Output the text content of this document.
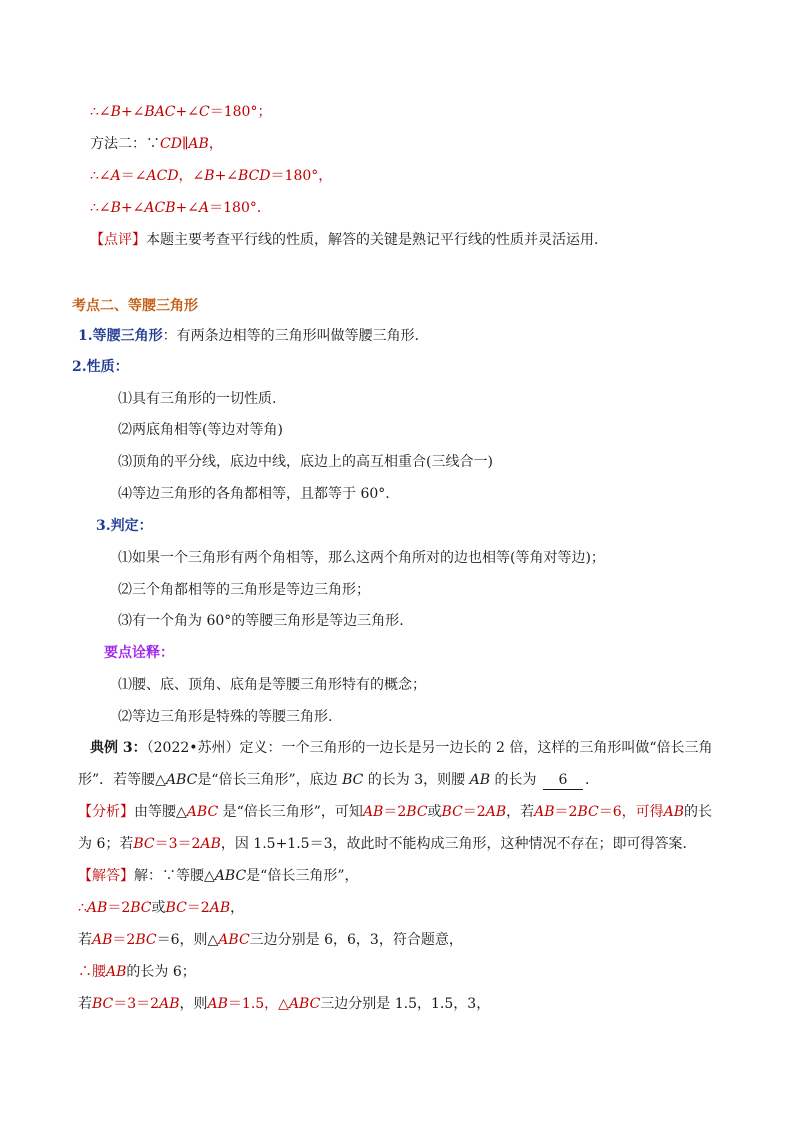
∴∠B+∠BAC+∠C＝180°；
方法二：∵CD∥AB，
∴∠A＝∠ACD，∠B+∠BCD＝180°，
∴∠B+∠ACB+∠A＝180°．
【点评】本题主要考查平行线的性质，解答的关键是熟记平行线的性质并灵活运用．
考点二、等腰三角形
1.等腰三角形：有两条边相等的三角形叫做等腰三角形.
2.性质：
⑴具有三角形的一切性质.
⑵两底角相等(等边对等角)
⑶顶角的平分线，底边中线，底边上的高互相重合(三线合一)
⑷等边三角形的各角都相等，且都等于 60°.
3.判定：
⑴如果一个三角形有两个角相等，那么这两个角所对的边也相等(等角对等边)；
⑵三个角都相等的三角形是等边三角形；
⑶有一个角为 60°的等腰三角形是等边三角形.
要点诠释：
⑴腰、底、顶角、底角是等腰三角形特有的概念；
⑵等边三角形是特殊的等腰三角形.
典例 3：（2022•苏州）定义：一个三角形的一边长是另一边长的 2 倍，这样的三角形叫做“倍长三角
形”．若等腰△ABC是“倍长三角形”，底边 BC 的长为 3，则腰 AB 的长为 6 ．
【分析】由等腰△ABC 是“倍长三角形”，可知AB＝2BC或BC＝2AB，若AB＝2BC＝6，可得AB的长
为 6；若BC＝3＝2AB，因 1.5+1.5＝3，故此时不能构成三角形，这种情况不存在；即可得答案．
【解答】解：∵等腰△ABC是“倍长三角形”，
∴AB＝2BC或BC＝2AB，
若AB＝2BC＝6，则△ABC三边分别是 6，6，3，符合题意，
∴腰AB的长为 6；
若BC＝3＝2AB，则AB＝1.5，△ABC三边分别是 1.5，1.5，3，
